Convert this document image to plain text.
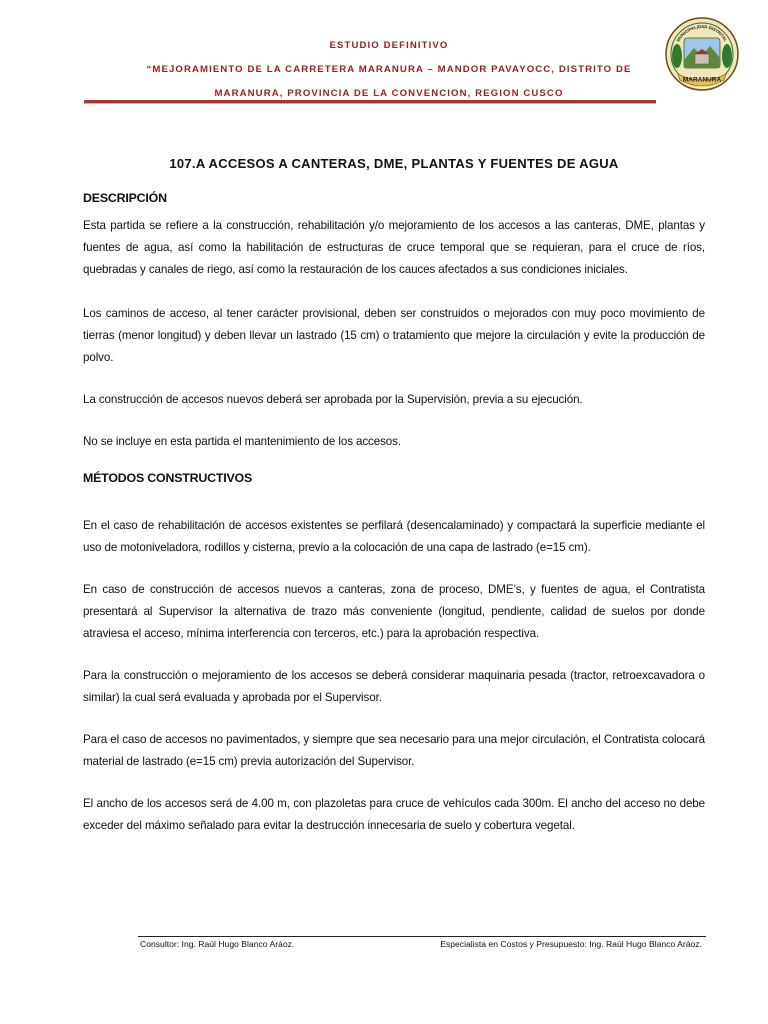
ESTUDIO DEFINITIVO
“MEJORAMIENTO DE LA CARRETERA MARANURA – MANDOR PAVAYOCC, DISTRITO DE
MARANURA, PROVINCIA DE LA CONVENCION, REGION CUSCO
MARANURA
MUNICIPALIDAD DISTRITAL
107.A ACCESOS A CANTERAS, DME, PLANTAS Y FUENTES DE AGUA
DESCRIPCIÓN

Esta partida se refiere a la construcción, rehabilitación y/o mejoramiento de los accesos a las canteras, DME, plantas y fuentes de agua, así como la habilitación de estructuras de cruce temporal que se requieran, para el cruce de ríos, quebradas y canales de riego, así como la restauración de los cauces afectados a sus condiciones iniciales.

Los caminos de acceso, al tener carácter provisional, deben ser construidos o mejorados con muy poco movimiento de tierras (menor longitud) y deben llevar un lastrado (15 cm) o tratamiento que mejore la circulación y evite la producción de polvo.

La construcción de accesos nuevos deberá ser aprobada por la Supervisión, previa a su ejecución.

No se incluye en esta partida el mantenimiento de los accesos.

MÉTODOS CONSTRUCTIVOS

En el caso de rehabilitación de accesos existentes se perfilará (desencalaminado) y compactará la superficie mediante el uso de motoniveladora, rodillos y cisterna, previo a la colocación de una capa de lastrado (e=15 cm).

En caso de construcción de accesos nuevos a canteras, zona de proceso, DME’s, y fuentes de agua, el Contratista presentará al Supervisor la alternativa de trazo más conveniente (longitud, pendiente, calidad de suelos por donde atraviesa el acceso, mínima interferencia con terceros, etc.) para la aprobación respectiva.

Para la construcción o mejoramiento de los accesos se deberá considerar maquinaria pesada (tractor, retroexcavadora o similar) la cual será evaluada y aprobada por el Supervisor.

Para el caso de accesos no pavimentados, y siempre que sea necesario para una mejor circulación, el Contratista colocará material de lastrado (e=15 cm) previa autorización del Supervisor.

El ancho de los accesos será de 4.00 m, con plazoletas para cruce de vehículos cada 300m. El ancho del acceso no debe exceder del máximo señalado para evitar la destrucción innecesaria de suelo y cobertura vegetal.

Consultor: Ing. Raúl Hugo Blanco Aráoz.	Especialista en Costos y Presupuesto: Ing. Raúl Hugo Blanco Aráoz.
